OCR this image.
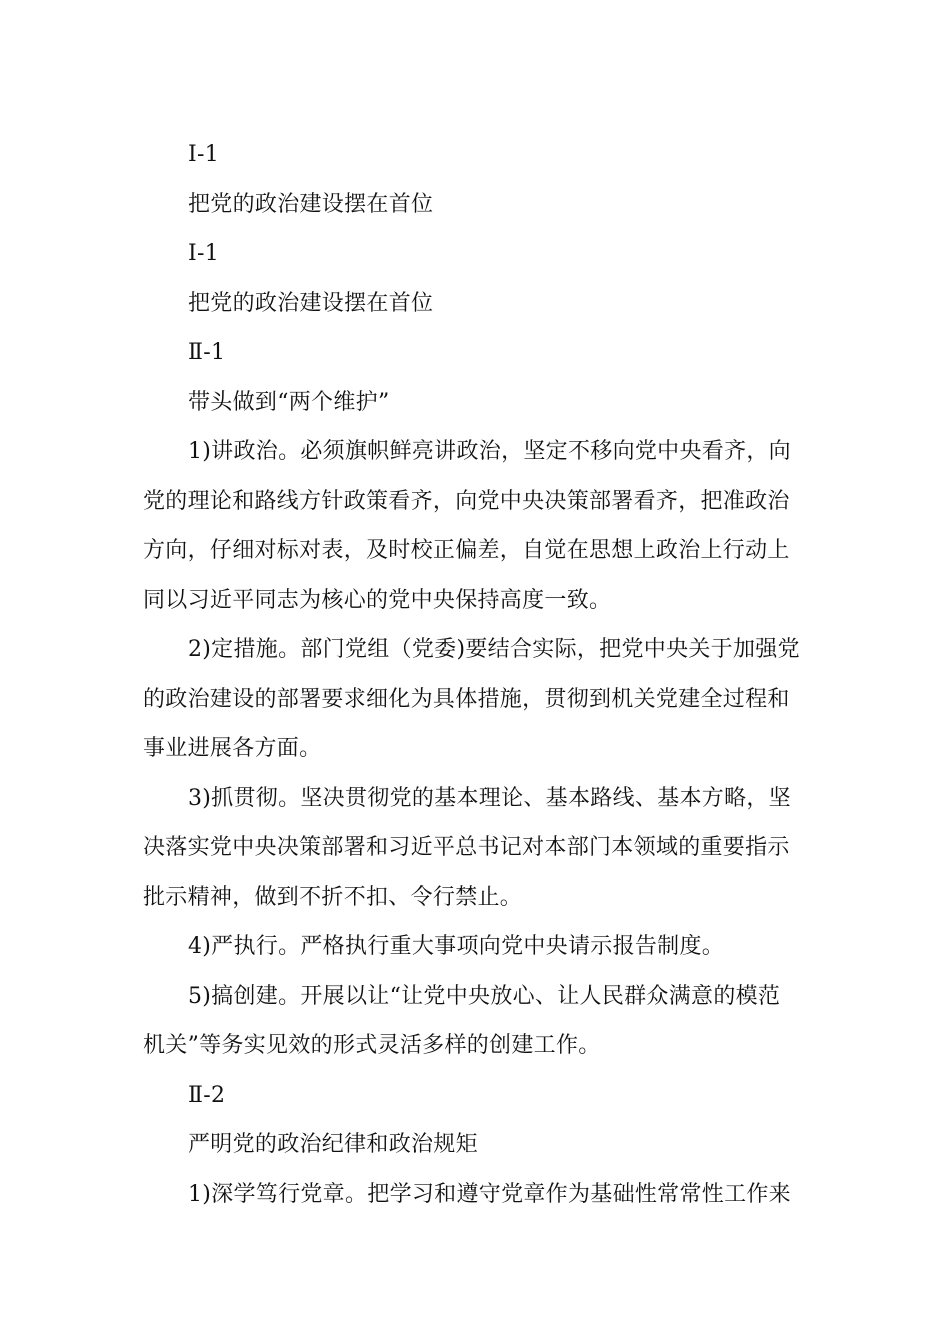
Ⅰ-1

把党的政治建设摆在首位

Ⅰ-1

把党的政治建设摆在首位

Ⅱ-1

带头做到“两个维护”

1)讲政治。必须旗帜鲜亮讲政治，坚定不移向党中央看齐，向

党的理论和路线方针政策看齐，向党中央决策部署看齐，把准政治

方向，仔细对标对表，及时校正偏差，自觉在思想上政治上行动上

同以习近平同志为核心的党中央保持高度一致。

2)定措施。部门党组（党委)要结合实际，把党中央关于加强党

的政治建设的部署要求细化为具体措施，贯彻到机关党建全过程和

事业进展各方面。

3)抓贯彻。坚决贯彻党的基本理论、基本路线、基本方略，坚

决落实党中央决策部署和习近平总书记对本部门本领域的重要指示

批示精神，做到不折不扣、令行禁止。

4)严执行。严格执行重大事项向党中央请示报告制度。

5)搞创建。开展以让“让党中央放心、让人民群众满意的模范

机关”等务实见效的形式灵活多样的创建工作。

Ⅱ-2

严明党的政治纪律和政治规矩

1)深学笃行党章。把学习和遵守党章作为基础性常常性工作来
